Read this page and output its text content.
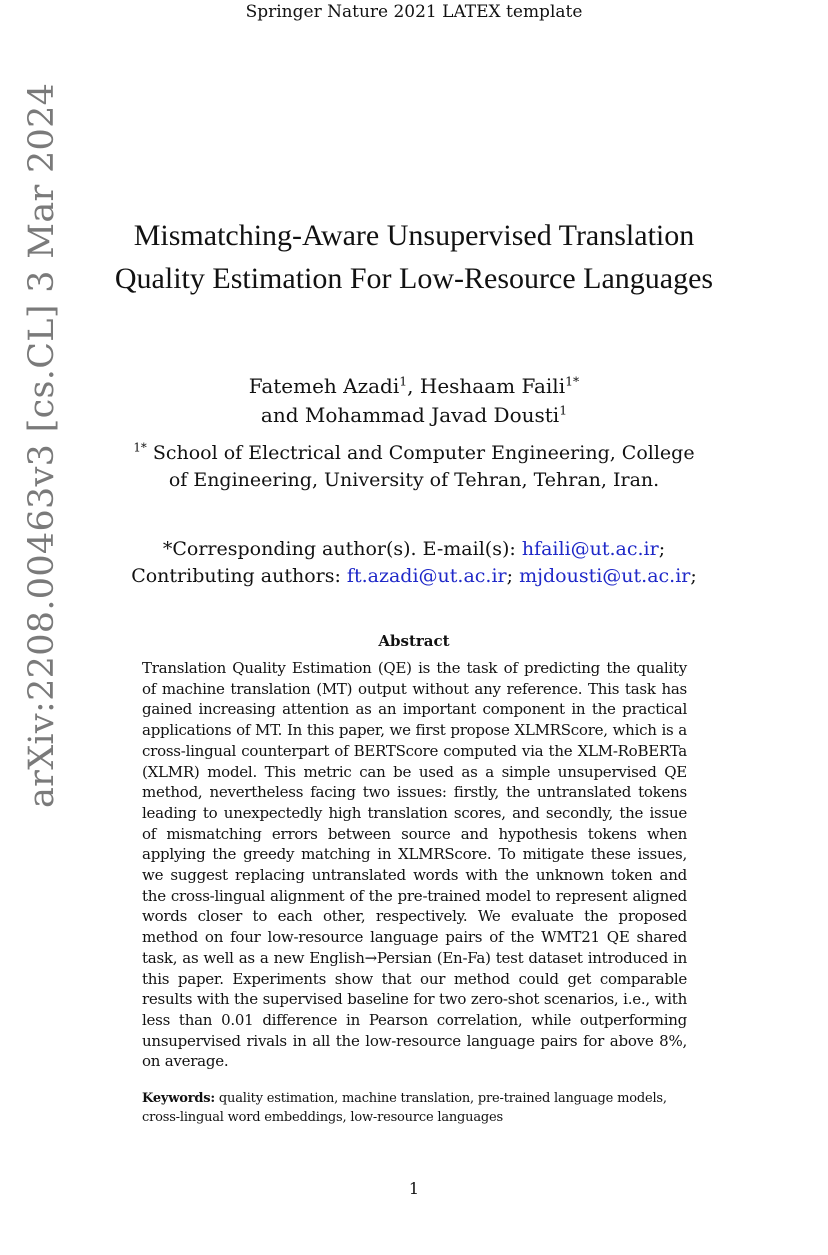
Springer Nature 2021 LATEX template
arXiv:2208.00463v3 [cs.CL] 3 Mar 2024	Mismatching-Aware Unsupervised Translation Quality Estimation For Low-Resource Languages
Fatemeh Azadi$^1$, Heshaam Faili$^{1*}$
and Mohammad Javad Dousti$^1$
$^{1*}$ School of Electrical and Computer Engineering, College of Engineering, University of Tehran, Tehran, Iran.
*Corresponding author(s). E-mail(s): hfaili@ut.ac.ir;
Contributing authors: ft.azadi@ut.ac.ir; mjdousti@ut.ac.ir;
Abstract
Translation Quality Estimation (QE) is the task of predicting the quality of machine translation (MT) output without any reference. This task has gained increasing attention as an important component in the practical applications of MT. In this paper, we first propose XLMRScore, which is a cross-lingual counterpart of BERTScore computed via the XLM-RoBERTa (XLMR) model. This metric can be used as a simple unsupervised QE method, nevertheless facing two issues: firstly, the untranslated tokens leading to unexpectedly high translation scores, and secondly, the issue of mismatching errors between source and hypothesis tokens when applying the greedy matching in XLMRScore. To mitigate these issues, we suggest replacing untranslated words with the unknown token and the cross-lingual alignment of the pre-trained model to represent aligned words closer to each other, respectively. We evaluate the proposed method on four low-resource language pairs of the WMT21 QE shared task, as well as a new English→Persian (En-Fa) test dataset introduced in this paper. Experiments show that our method could get comparable results with the supervised baseline for two zero-shot scenarios, i.e., with less than 0.01 difference in Pearson correlation, while outperforming unsupervised rivals in all the low-resource language pairs for above 8%, on average.
Keywords: quality estimation, machine translation, pre-trained language models, cross-lingual word embeddings, low-resource languages
1
